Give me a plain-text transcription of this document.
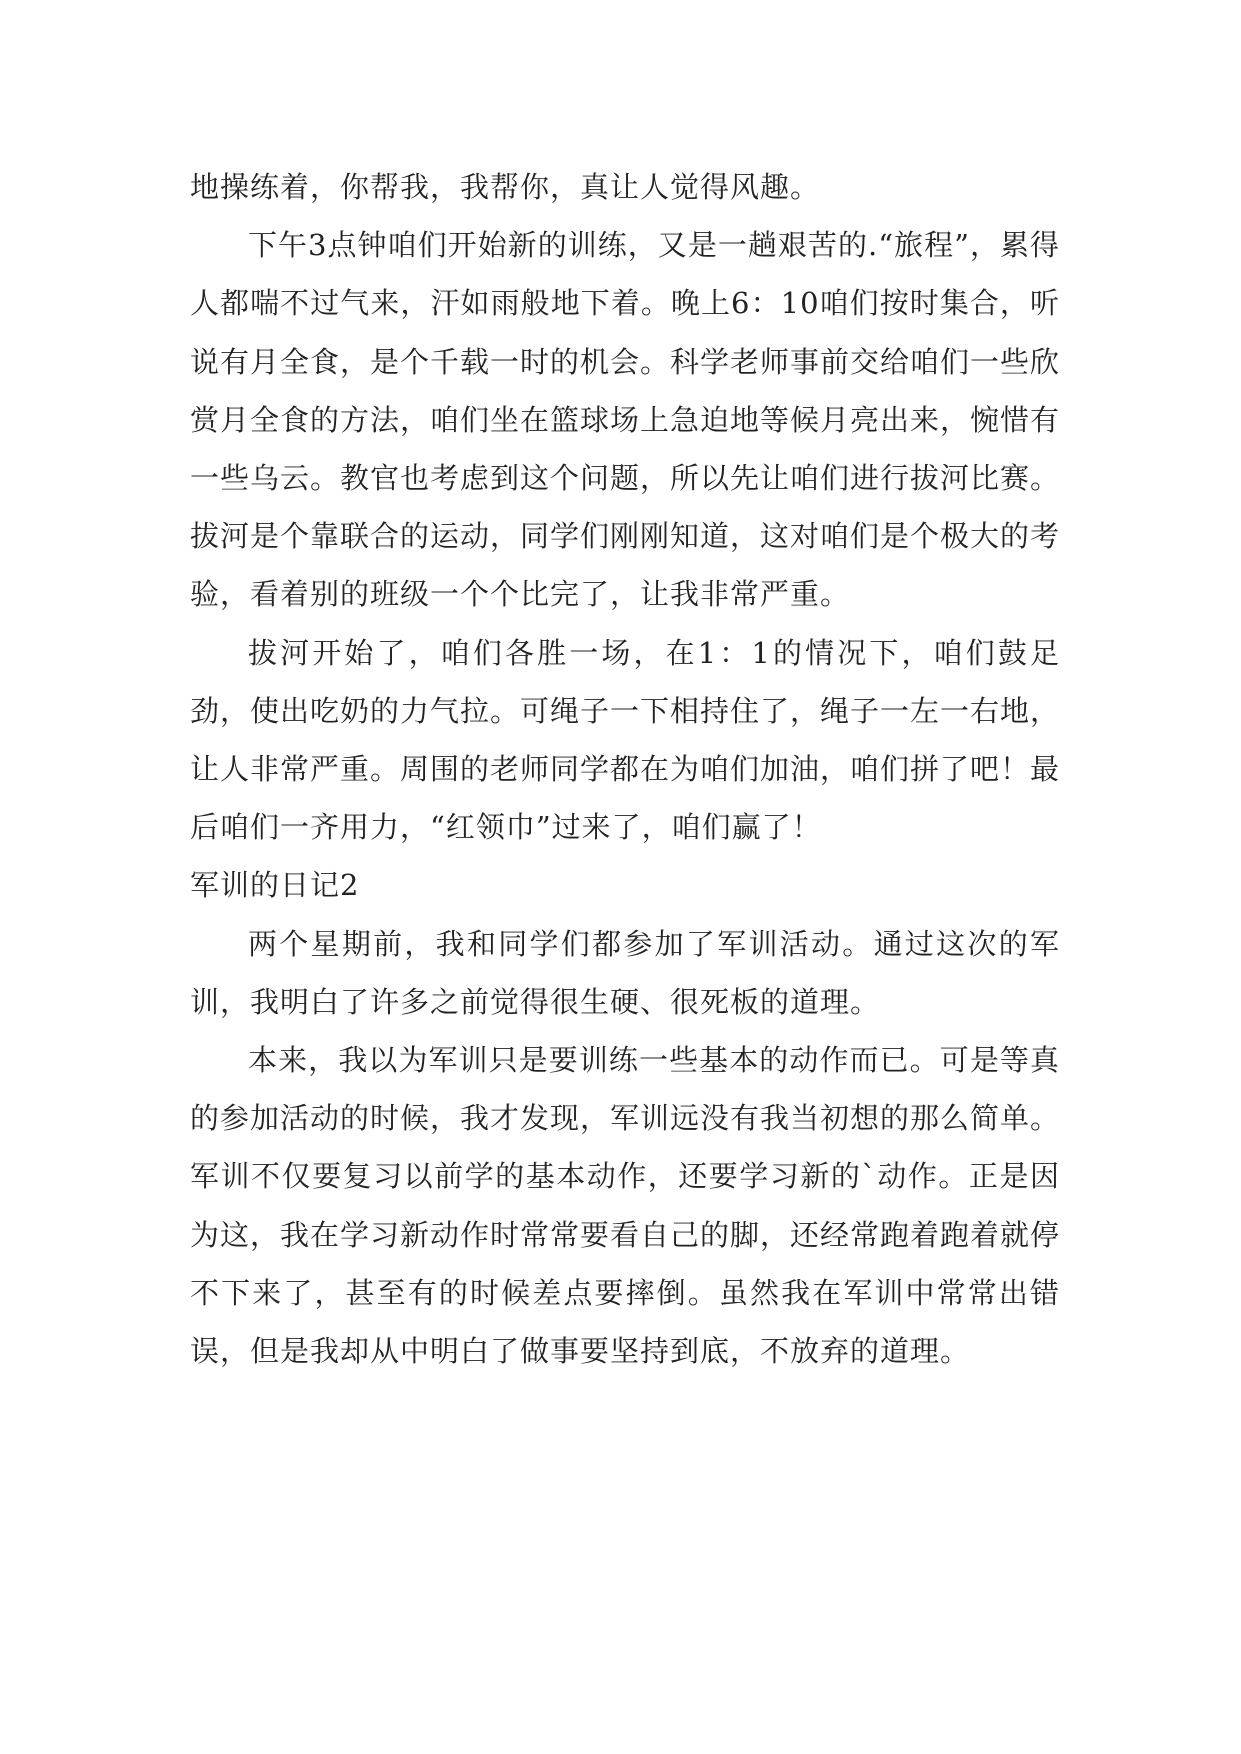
地操练着，你帮我，我帮你，真让人觉得风趣。

下午3点钟咱们开始新的训练，又是一趟艰苦的.“旅程”，累得人都喘不过气来，汗如雨般地下着。晚上6：10咱们按时集合，听说有月全食，是个千载一时的机会。科学老师事前交给咱们一些欣赏月全食的方法，咱们坐在篮球场上急迫地等候月亮出来，惋惜有一些乌云。教官也考虑到这个问题，所以先让咱们进行拔河比赛。拔河是个靠联合的运动，同学们刚刚知道，这对咱们是个极大的考验，看着别的班级一个个比完了，让我非常严重。

拔河开始了，咱们各胜一场，在1：1的情况下，咱们鼓足劲，使出吃奶的力气拉。可绳子一下相持住了，绳子一左一右地，让人非常严重。周围的老师同学都在为咱们加油，咱们拼了吧！最后咱们一齐用力，“红领巾”过来了，咱们赢了！

军训的日记2

两个星期前，我和同学们都参加了军训活动。通过这次的军训，我明白了许多之前觉得很生硬、很死板的道理。

本来，我以为军训只是要训练一些基本的动作而已。可是等真的参加活动的时候，我才发现，军训远没有我当初想的那么简单。军训不仅要复习以前学的基本动作，还要学习新的`动作。正是因为这，我在学习新动作时常常要看自己的脚，还经常跑着跑着就停不下来了，甚至有的时候差点要摔倒。虽然我在军训中常常出错误，但是我却从中明白了做事要坚持到底，不放弃的道理。
